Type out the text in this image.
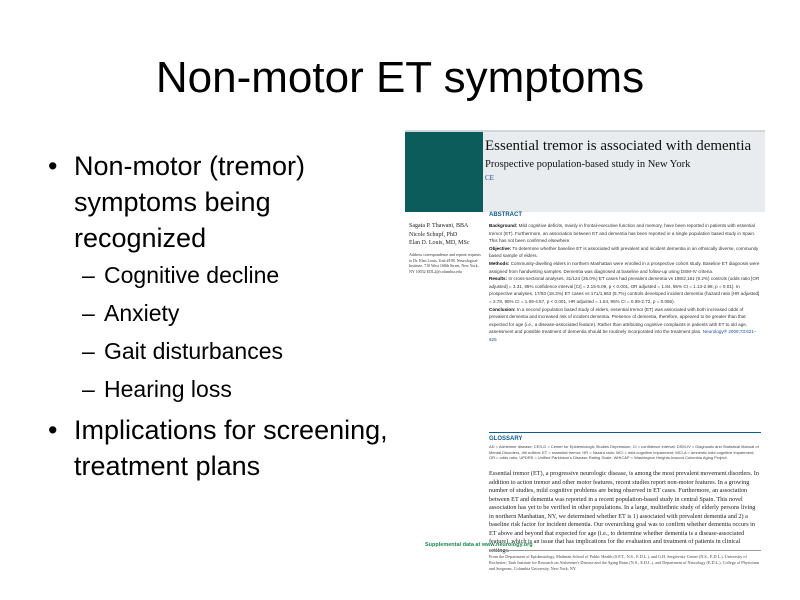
Non-motor ET symptoms
• Non-motor (tremor) symptoms being recognized
– Cognitive decline
– Anxiety
– Gait disturbances
– Hearing loss
• Implications for screening, treatment plans
Essential tremor is associated with dementia
Prospective population-based study in New York
CE
Sagata P. Thawani, BBA
Nicole Schupf, PhD
Elan D. Louis, MD, MSc
Address correspondence and reprint requests to Dr. Elan Louis, Unit #198, Neurological Institute, 710 West 168th Street, New York, NY 10032 EDL2@columbia.edu
ABSTRACT
Background: Mild cognitive deficits, mainly in frontal-executive function and memory, have been reported in patients with essential tremor (ET). Furthermore, an association between ET and dementia has been reported in a single population based study in Spain. This has not been confirmed elsewhere.
Objective: To determine whether baseline ET is associated with prevalent and incident dementia in an ethnically diverse, community based sample of elders.
Methods: Community-dwelling elders in northern Manhattan were enrolled in a prospective cohort study. Baseline ET diagnosis were assigned from handwriting samples. Dementia was diagnosed at baseline and follow-up using DSM-IV criteria.
Results: In cross-sectional analyses, 31/124 (25.0%) ET cases had prevalent dementia vs 198/2,161 (9.2%) controls (odds ratio [OR adjusted] = 3.31, 95% confidence interval [CI] = 2.15-5.09, p < 0.001, OR adjusted = 1.84, 95% CI = 1.13-2.98, p = 0.01). In prospective analyses, 17/93 (18.3%) ET cases vs 171/1,963 (8.7%) controls developed incident dementia (hazard ratio [HR adjusted] = 2.78, 95% CI = 1.69-4.57, p < 0.001, HR adjusted = 1.64, 95% CI = 0.99-2.72, p = 0.055).
Conclusion: In a second population based study of elders, essential tremor (ET) was associated with both increased odds of prevalent dementia and increased risk of incident dementia. Presence of dementia, therefore, appeared to be greater than that expected for age (i.e., a disease-associated feature). Rather than attributing cognitive complaints in patients with ET to old age, assessment and possible treatment of dementia should be routinely incorporated into the treatment plan. Neurology® 2009;73:621–625
GLOSSARY
AD = Alzheimer disease; CES-D = Center for Epidemiologic Studies Depression; CI = confidence interval; DSM-IV = Diagnostic and Statistical Manual of Mental Disorders, 4th edition; ET = essential tremor; HR = hazard ratio; MCI = mild cognitive impairment; MCI-A = amnestic mild cognitive impairment; OR = odds ratio; UPDRS = Unified Parkinson's Disease Rating Scale; WHICAP = Washington Heights-Inwood Columbia Aging Project.
Essential tremor (ET), a progressive neurologic disease, is among the most prevalent movement disorders. In addition to action tremor and other motor features, recent studies report non-motor features. In a growing number of studies, mild cognitive problems are being observed in ET cases. Furthermore, an association between ET and dementia was reported in a recent population-based study in central Spain. This novel association has yet to be verified in other populations. In a large, multiethnic study of elderly persons living in northern Manhattan, NY, we determined whether ET is 1) associated with prevalent dementia and 2) a baseline risk factor for incident dementia. Our overarching goal was to confirm whether dementia occurs in ET above and beyond that expected for age (i.e., to determine whether dementia is a disease-associated feature), which is an issue that has implications for the evaluation and treatment of patients in clinical settings.
Supplemental data at www.neurology.org
From the Department of Epidemiology, Mailman School of Public Health (S.P.T., N.S., E.D.L.), and G.H. Sergievsky Center (N.S., E.D.L.), University of Rochester; Taub Institute for Research on Alzheimer's Disease and the Aging Brain (N.S., E.D.L.), and Department of Neurology (E.D.L.), College of Physicians and Surgeons, Columbia University, New York, NY.
